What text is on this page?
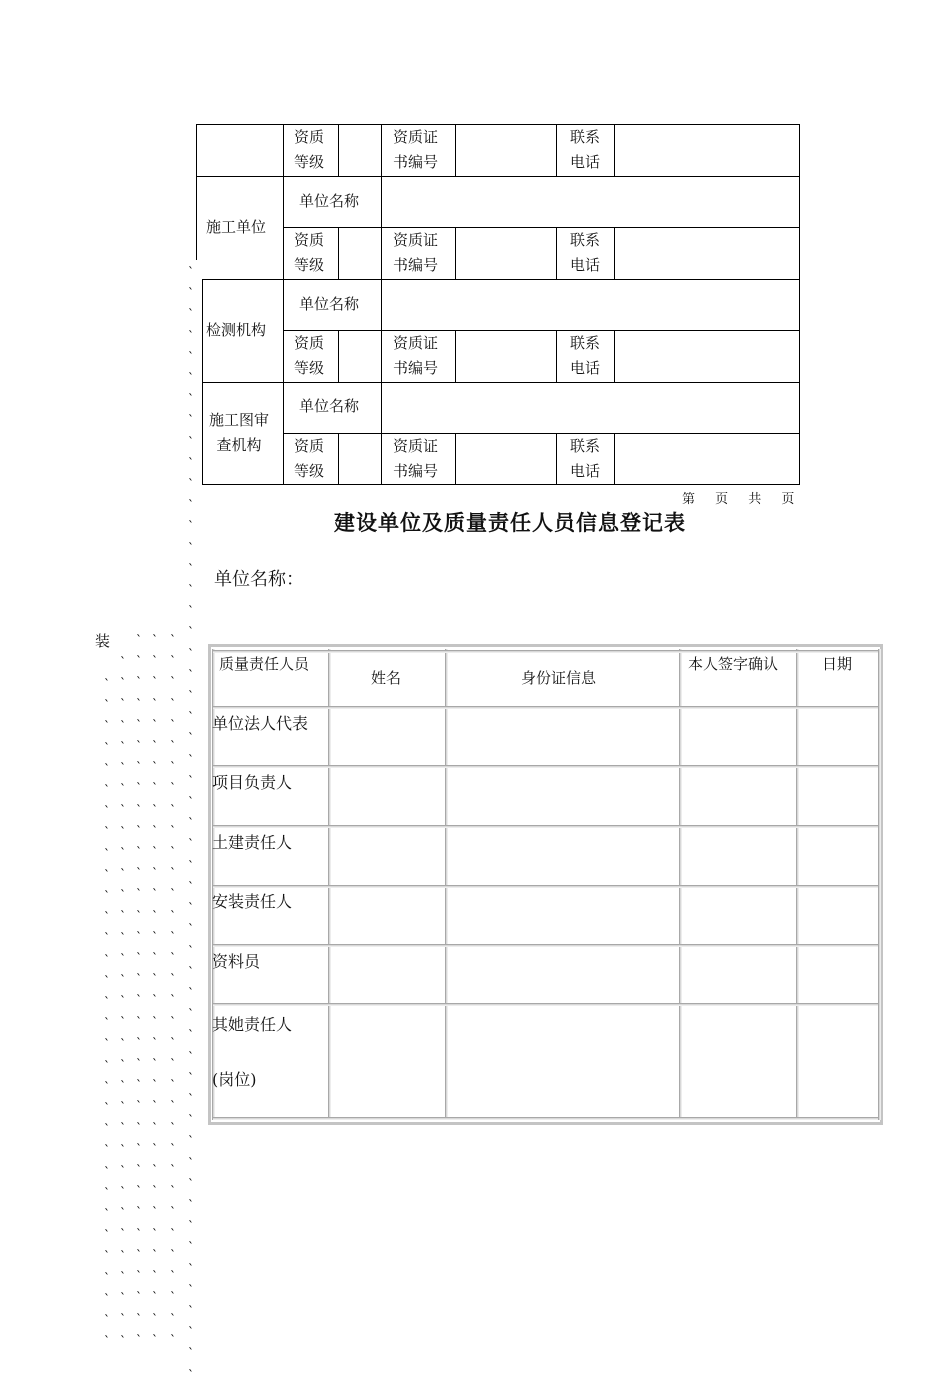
`
`
`
`
`
`
`
`
`
`
`
`
`
`
`
`
`
`
`
`
`
`
`
`
`
`
`
`
`
`
`
`
`
`
`
`
`
`
`
`
`
`
`
`
`
`
`
`
`
`
`
`
`
`
`
`
`
`
`
`
`
`
`
`
`
`
`
`
`
`
`
`
`
`
`
`
`
`
`
`
`
`
`
`
`
`
`
`
`
`
`
`
`
`
`
`
`
`
`
`
`
`
`
`
`
`
`
`
`
`
`
`
`
`
`
`
`
`
`
`
`
`
`
`
`
`
`
`
`
`
`
`
`
`
`
`
`
`
`
`
`
`
`
`
`
`
`
`
`
`
`
`
`
`
`
`
`
`
`
`
`
`
`
`
`
`
`
`
`
`
`
`
`
`
`
`
`
`
`
`
`
`
`
`
`
`
`
`
`
`
`
`
`
`
`
`
`
`
`
`
`
`
`
`
`
`
`
`
`
`
`
`
`
`
`
`
`
`
`
`
装
资质等级
资质证书编号
联系电话
施工单位
单位名称
资质等级
资质证书编号
联系电话
检测机构
单位名称
资质等级
资质证书编号
联系电话
施工图审查机构
单位名称
资质等级
资质证书编号
联系电话
第 页 共 页
建设单位及质量责任人员信息登记表
单位名称：
质量责任人员
姓名	身份证信息
本人签字确认	日期
单位法人代表
项目负责人
土建责任人
安装责任人
资料员
其她责任人
(岗位)
